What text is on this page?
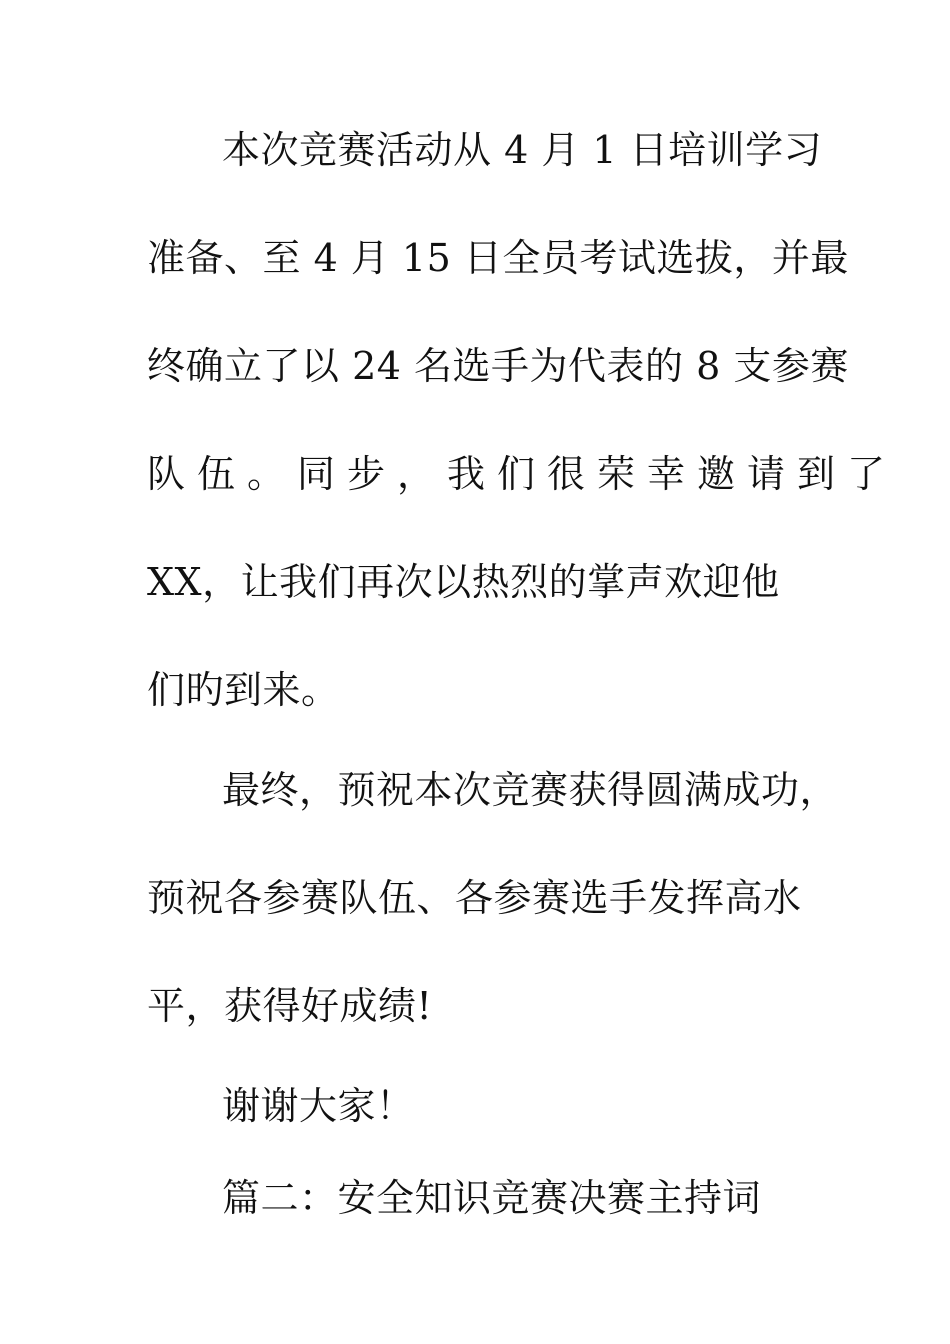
本次竞赛活动从 4 月 1 日培训学习
准备、至 4 月 15 日全员考试选拔，并最
终确立了以 24 名选手为代表的 8 支参赛
队伍。同步，我们很荣幸邀请到了
XX，让我们再次以热烈的掌声欢迎他
们旳到来。
最终，预祝本次竞赛获得圆满成功，
预祝各参赛队伍、各参赛选手发挥高水
平，获得好成绩!
谢谢大家！
篇二：安全知识竞赛决赛主持词
